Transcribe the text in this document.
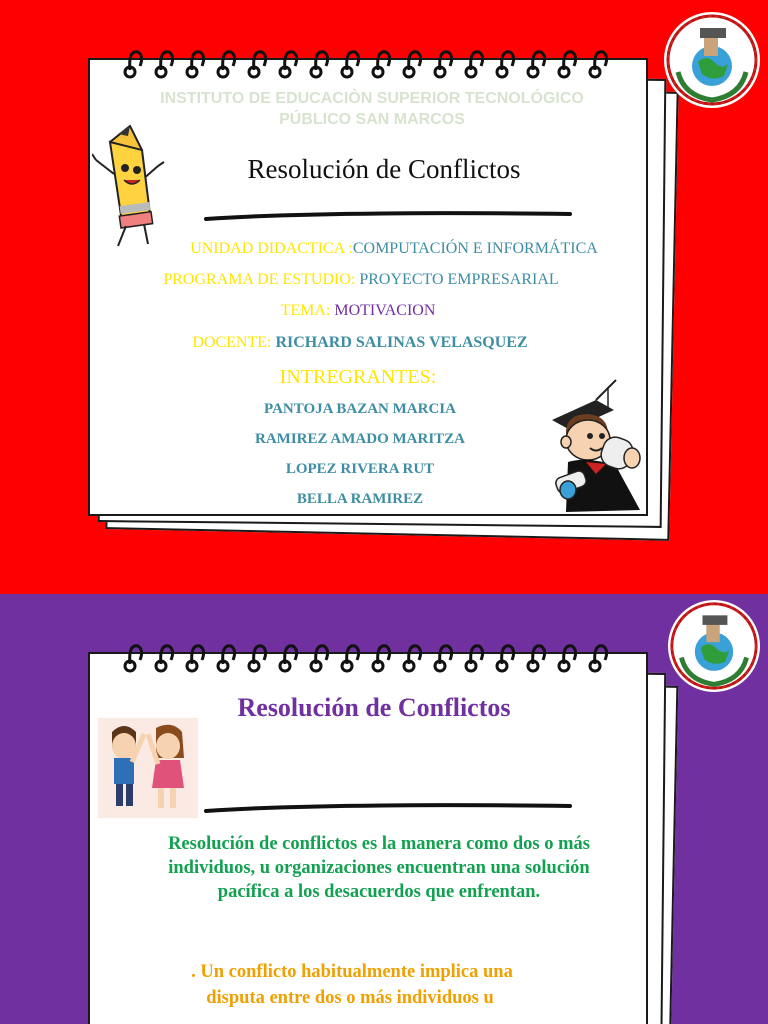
INSTITUTO DE EDUCACIÒN SUPERIOR TECNOLÓGICO
PÚBLICO SAN MARCOS
Resolución de Conflictos
UNIDAD DIDACTICA :COMPUTACIÓN E INFORMÁTICA
PROGRAMA DE ESTUDIO: PROYECTO EMPRESARIAL
TEMA: MOTIVACION
DOCENTE: RICHARD SALINAS VELASQUEZ
INTREGRANTES:
PANTOJA BAZAN MARCIA
RAMIREZ AMADO MARITZA
LOPEZ RIVERA RUT
BELLA RAMIREZ
Resolución de Conflictos
Resolución de conflictos es la manera como dos o más
individuos, u organizaciones encuentran una solución
pacífica a los desacuerdos que enfrentan.
. Un conflicto habitualmente implica una
disputa entre dos o más individuos u
